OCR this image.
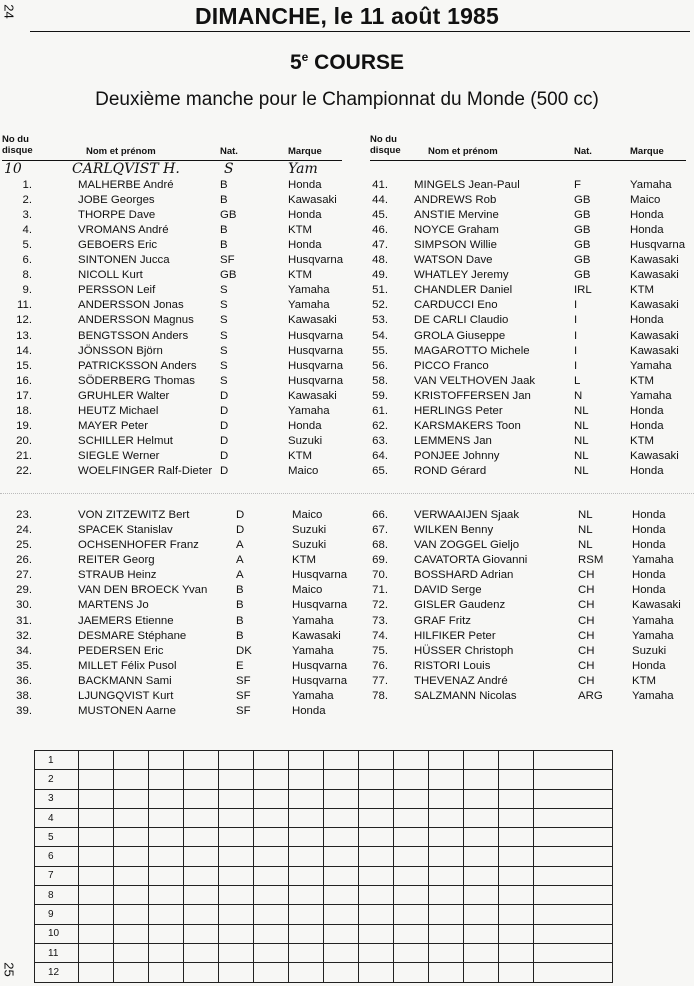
24
25
DIMANCHE, le 11 août 1985
5e COURSE
Deuxième manche pour le Championnat du Monde (500 cc)
No du
disque	Nom et prénom	Nat.	Marque
No du
disque	Nom et prénom	Nat.	Marque
10	CARLQVIST H.	S	Yam
1.	MALHERBE André	B	Honda
2.	JOBE Georges	B	Kawasaki
3.	THORPE Dave	GB	Honda
4.	VROMANS André	B	KTM
5.	GEBOERS Eric	B	Honda
6.	SINTONEN Jucca	SF	Husqvarna
8.	NICOLL Kurt	GB	KTM
9.	PERSSON Leif	S	Yamaha
11.	ANDERSSON Jonas	S	Yamaha
12.	ANDERSSON Magnus S	Kawasaki
13.	BENGTSSON Anders	S	Husqvarna
14.	JÖNSSON Björn	S	Husqvarna
15.	PATRICKSSON Anders S	Husqvarna
16.	SÖDERBERG Thomas S	Husqvarna
17.	GRUHLER Walter	D	Kawasaki
18.	HEUTZ Michael	D	Yamaha
19.	MAYER Peter	D	Honda
20.	SCHILLER Helmut	D	Suzuki
21.	SIEGLE Werner	D	KTM
22.	WOELFINGER Ralf-Dieter D	Maico
41. MINGELS Jean-Paul	F	Yamaha
44. ANDREWS Rob	GB	Maico
45. ANSTIE Mervine	GB	Honda
46. NOYCE Graham	GB	Honda
47. SIMPSON Willie	GB	Husqvarna
48. WATSON Dave	GB	Kawasaki
49. WHATLEY Jeremy	GB	Kawasaki
51. CHANDLER Daniel	IRL	KTM
52. CARDUCCI Eno	I	Kawasaki
53. DE CARLI Claudio	I	Honda
54. GROLA Giuseppe	I	Kawasaki
55. MAGAROTTO Michele	I	Kawasaki
56. PICCO Franco	I	Yamaha
58. VAN VELTHOVEN Jaak	L	KTM
59. KRISTOFFERSEN Jan	N	Yamaha
61. HERLINGS Peter	NL	Honda
62. KARSMAKERS Toon	NL	Honda
63. LEMMENS Jan	NL	KTM
64. PONJEE Johnny	NL	Kawasaki
65. ROND Gérard	NL	Honda
23.	VON ZITZEWITZ Bert	D	Maico
24.	SPACEK Stanislav	D	Suzuki
25.	OCHSENHOFER Franz	A	Suzuki
26.	REITER Georg	A	KTM
27.	STRAUB Heinz	A	Husqvarna
29.	VAN DEN BROECK Yvan	B	Maico
30.	MARTENS Jo	B	Husqvarna
31.	JAEMERS Etienne	B	Yamaha
32.	DESMARE Stéphane	B	Kawasaki
34.	PEDERSEN Eric	DK	Yamaha
35.	MILLET Félix Pusol	E	Husqvarna
36.	BACKMANN Sami	SF	Husqvarna
38.	LJUNGQVIST Kurt	SF	Yamaha
39.	MUSTONEN Aarne	SF	Honda
66. VERWAAIJEN Sjaak	NL	Honda
67. WILKEN Benny	NL	Honda
68. VAN ZOGGEL Gieljo	NL	Honda
69. CAVATORTA Giovanni	RSM	Yamaha
70. BOSSHARD Adrian	CH	Honda
71. DAVID Serge	CH	Honda
72. GISLER Gaudenz	CH	Kawasaki
73. GRAF Fritz	CH	Yamaha
74. HILFIKER Peter	CH	Yamaha
75. HÜSSER Christoph	CH	Suzuki
76. RISTORI Louis	CH	Honda
77. THEVENAZ André	CH	KTM
78. SALZMANN Nicolas	ARG	Yamaha
1														
2														
3														
4														
5														
6														
7														
8														
9														
10														
11														
12														
